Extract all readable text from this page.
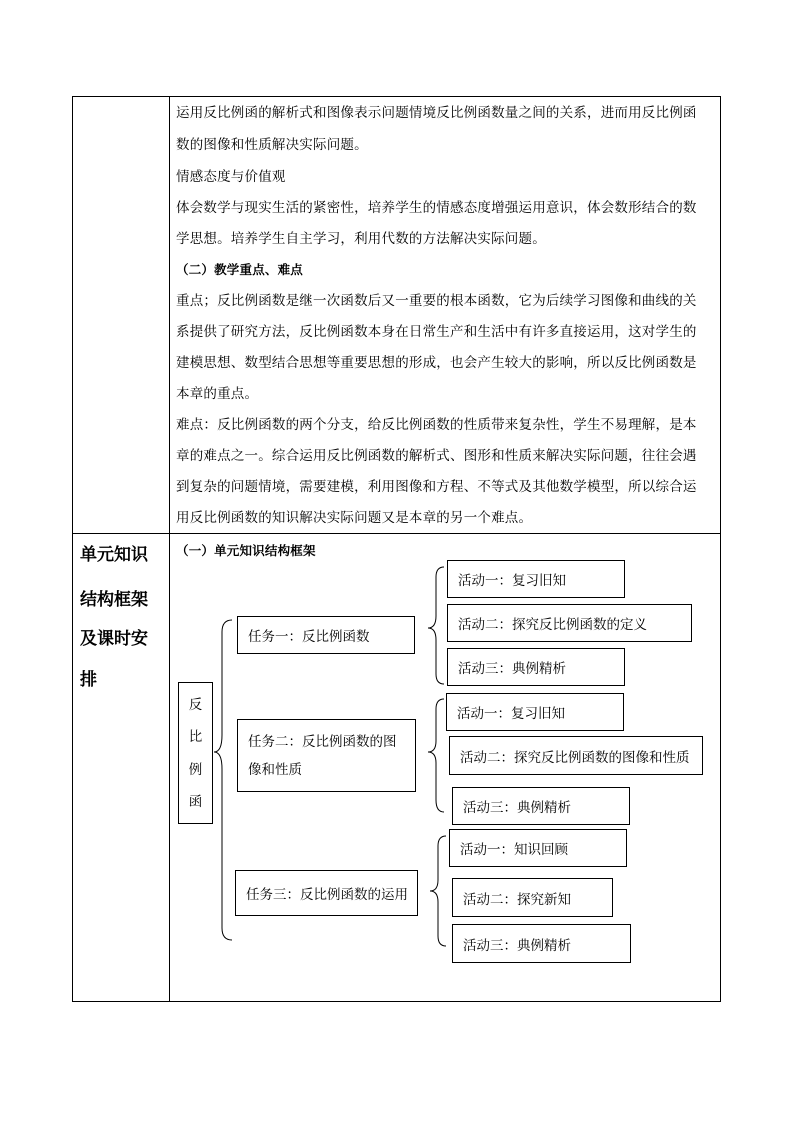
运用反比例函的解析式和图像表示问题情境反比例函数量之间的关系，进而用反比例函
数的图像和性质解决实际问题。
情感态度与价值观
体会数学与现实生活的紧密性，培养学生的情感态度增强运用意识，体会数形结合的数
学思想。培养学生自主学习，利用代数的方法解决实际问题。
（二）教学重点、难点
重点；反比例函数是继一次函数后又一重要的根本函数，它为后续学习图像和曲线的关
系提供了研究方法，反比例函数本身在日常生产和生活中有许多直接运用，这对学生的
建模思想、数型结合思想等重要思想的形成，也会产生较大的影响，所以反比例函数是
本章的重点。
难点：反比例函数的两个分支，给反比例函数的性质带来复杂性，学生不易理解，是本
章的难点之一。综合运用反比例函数的解析式、图形和性质来解决实际问题，往往会遇
到复杂的问题情境，需要建模，利用图像和方程、不等式及其他数学模型，所以综合运
用反比例函数的知识解决实际问题又是本章的另一个难点。
单元知识
结构框架
及课时安
排
（一）单元知识结构框架
反
比
例
函
任务一：反比例函数
任务二：反比例函数的图像和性质
任务三：反比例函数的运用
活动一：复习旧知
活动二：探究反比例函数的定义
活动三：典例精析
活动一：复习旧知
活动二：探究反比例函数的图像和性质
活动三：典例精析
活动一：知识回顾
活动二：探究新知
活动三：典例精析
